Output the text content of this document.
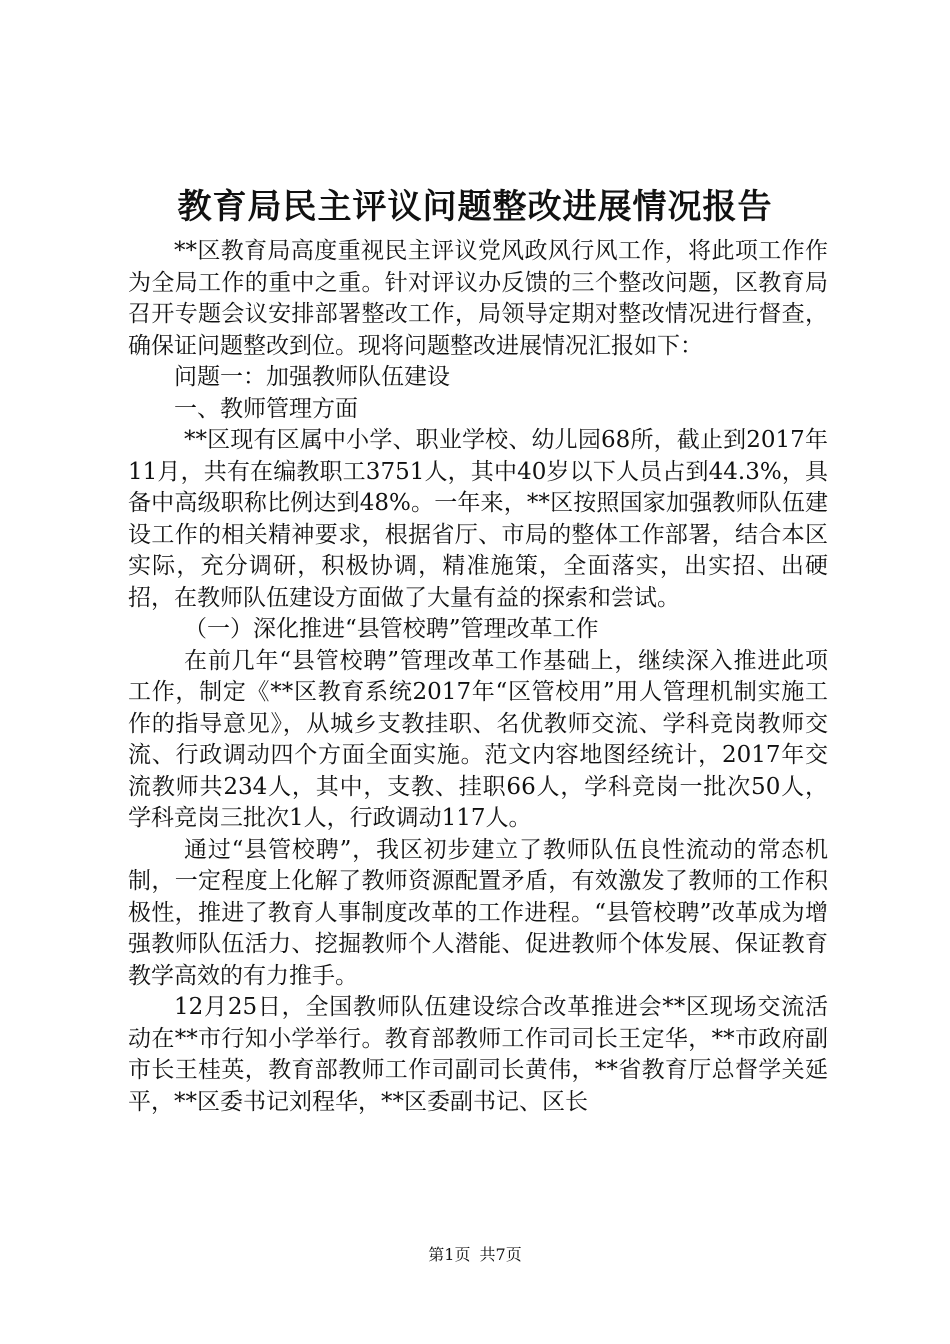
教育局民主评议问题整改进展情况报告

**区教育局高度重视民主评议党风政风行风工作，将此项工作作为全局工作的重中之重。针对评议办反馈的三个整改问题，区教育局召开专题会议安排部署整改工作，局领导定期对整改情况进行督查，确保证问题整改到位。现将问题整改进展情况汇报如下：

问题一：加强教师队伍建设

一、教师管理方面

**区现有区属中小学、职业学校、幼儿园68所，截止到2017年11月，共有在编教职工3751人，其中40岁以下人员占到44.3%，具备中高级职称比例达到48%。一年来，**区按照国家加强教师队伍建设工作的相关精神要求，根据省厅、市局的整体工作部署，结合本区实际，充分调研，积极协调，精准施策，全面落实，出实招、出硬招，在教师队伍建设方面做了大量有益的探索和尝试。

（一）深化推进“县管校聘”管理改革工作

在前几年“县管校聘”管理改革工作基础上，继续深入推进此项工作，制定《**区教育系统2017年“区管校用”用人管理机制实施工作的指导意见》，从城乡支教挂职、名优教师交流、学科竞岗教师交流、行政调动四个方面全面实施。范文内容地图经统计，2017年交流教师共234人，其中，支教、挂职66人，学科竞岗一批次50人，学科竞岗三批次1人，行政调动117人。

通过“县管校聘”，我区初步建立了教师队伍良性流动的常态机制，一定程度上化解了教师资源配置矛盾，有效激发了教师的工作积极性，推进了教育人事制度改革的工作进程。“县管校聘”改革成为增强教师队伍活力、挖掘教师个人潜能、促进教师个体发展、保证教育教学高效的有力推手。

12月25日，全国教师队伍建设综合改革推进会**区现场交流活动在**市行知小学举行。教育部教师工作司司长王定华，**市政府副市长王桂英，教育部教师工作司副司长黄伟，**省教育厅总督学关延平，**区委书记刘程华，**区委副书记、区长

第1页 共7页
